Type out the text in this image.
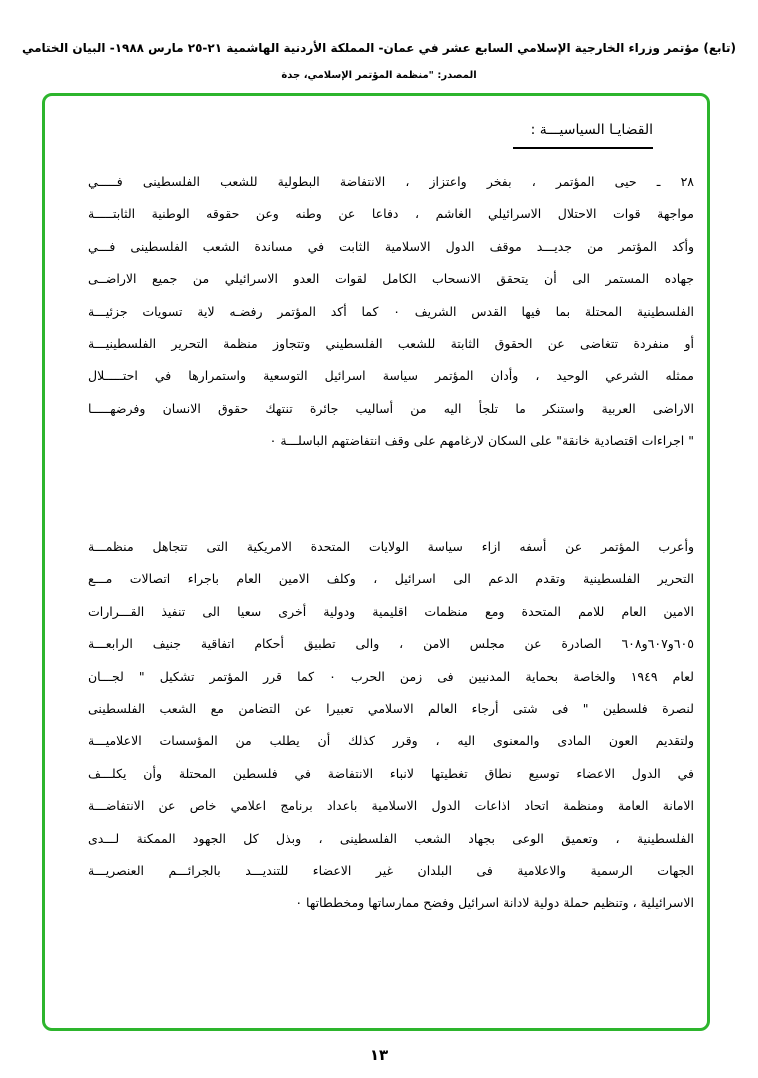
(تابع) مؤتمر وزراء الخارجية الإسلامي السابع عشر في عمان- المملكة الأردنية الهاشمية ٢١-٢٥ مارس ١٩٨٨- البيان الختامي
المصدر: "منظمة المؤتمر الإسلامي، جدة
القضايـا السياسيـــة :
٢٨ ـ حيى المؤتمر ، بفخر واعتزاز ، الانتفاضة البطولية للشعب الفلسطينى فـــــي
مواجهة قوات الاحتلال الاسرائيلي الغاشم ، دفاعا عن وطنه وعن حقوقه الوطنية الثابتـــــة
وأكد المؤتمر من جديـــد موقف الدول الاسلامية الثابت في مساندة الشعب الفلسطينى فـــي
جهاده المستمر الى أن يتحقق الانسحاب الكامل لقوات العدو الاسرائيلي من جميع الاراضــى
الفلسطينية المحتلة بما فيها القدس الشريف ٠ كما أكد المؤتمر رفضـه لاية تسويات جزئيـــة
أو منفردة تتغاضى عن الحقوق الثابتة للشعب الفلسطيني وتتجاوز منظمة التحرير الفلسطينيـــة
ممثله الشرعي الوحيد ، وأدان المؤتمر سياسة اسرائيل التوسعية واستمرارها في احتـــــلال
الاراضى العربية واستنكر ما تلجأ اليه من أساليب جائرة تنتهك حقوق الانسان وفرضهـــــا
" اجراءات اقتصادية خانقة" على السكان لارغامهم على وقف انتفاضتهم الباسلـــة ٠
وأعرب المؤتمر عن أسفه ازاء سياسة الولايات المتحدة الامريكية التى تتجاهل منظمـــة
التحرير الفلسطينية وتقدم الدعم الى اسرائيل ، وكلف الامين العام باجراء اتصالات مـــع
الامين العام للامم المتحدة ومع منظمات اقليمية ودولية أخرى سعيا الى تنفيذ القـــرارات
٦٠٥و٦٠٧و٦٠٨ الصادرة عن مجلس الامن ، والى تطبيق أحكام اتفاقية جنيف الرابعـــة
لعام ١٩٤٩ والخاصة بحماية المدنيين فى زمن الحرب ٠ كما قرر المؤتمر تشكيل " لجـــان
لنصرة فلسطين " فى شتى أرجاء العالم الاسلامي تعبيرا عن التضامن مع الشعب الفلسطينى
ولتقديم العون المادى والمعنوى اليه ، وقرر كذلك أن يطلب من المؤسسات الاعلاميـــة
في الدول الاعضاء توسيع نطاق تغطيتها لانباء الانتفاضة في فلسطين المحتلة وأن يكلـــف
الامانة العامة ومنظمة اتحاد اذاعات الدول الاسلامية باعداد برنامج اعلامي خاص عن الانتفاضـــة
الفلسطينية ، وتعميق الوعى بجهاد الشعب الفلسطينى ، وبذل كل الجهود الممكنة لـــدى
الجهات الرسمية والاعلامية فى البلدان غير الاعضاء للتنديـــد بالجرائـــم العنصريـــة
الاسرائيلية ، وتنظيم حملة دولية لادانة اسرائيل وفضح ممارساتها ومخططاتها ٠
١٣
